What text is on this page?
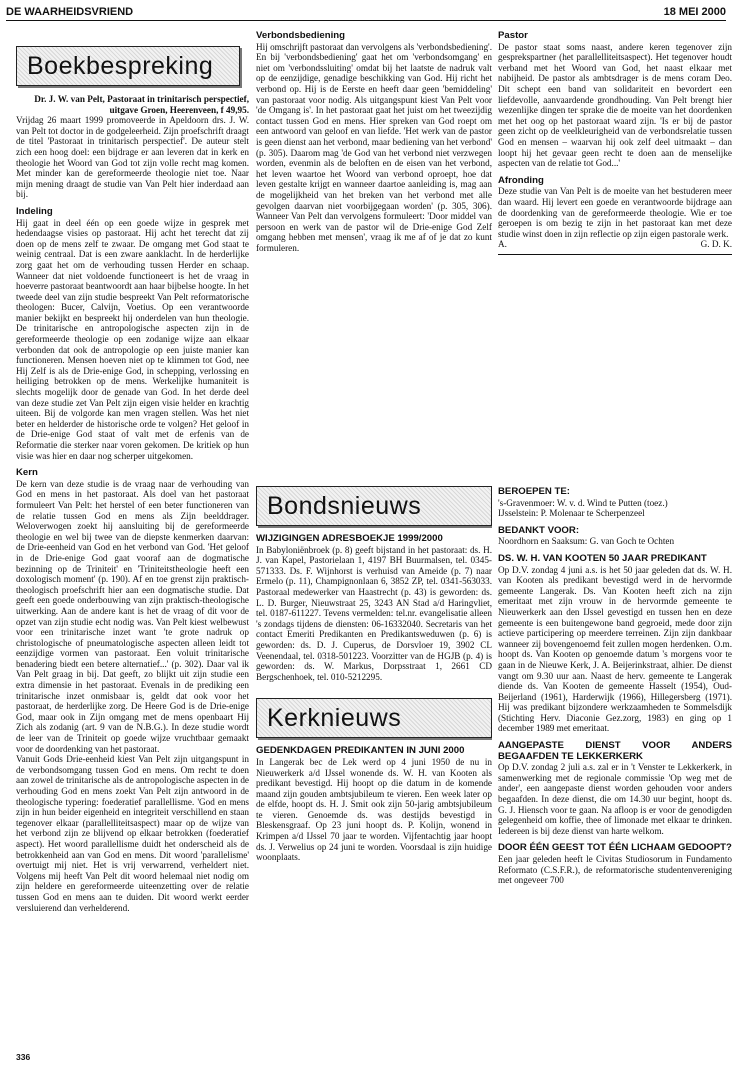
DE WAARHEIDSVRIEND	18 MEI 2000
Boekbespreking

Dr. J. W. van Pelt, Pastoraat in trinitarisch perspectief, uitgave Groen, Heerenveen, f 49,95.

Vrijdag 26 maart 1999 promoveerde in Apeldoorn drs. J. W. van Pelt tot doctor in de godgeleerheid. Zijn proefschrift draagt de titel 'Pastoraat in trinitarisch perspectief'. De auteur stelt zich een hoog doel: een bijdrage er aan leveren dat in kerk en theologie het Woord van God tot zijn volle recht mag komen. Met minder kan de gereformeerde theologie niet toe. Naar mijn mening draagt de studie van Van Pelt hier inderdaad aan bij.

Indeling

Hij gaat in deel één op een goede wijze in gesprek met hedendaagse visies op pastoraat. Hij acht het terecht dat zij doen op de mens zelf te zwaar. De omgang met God staat te weinig centraal. Dat is een zware aanklacht. In de herderlijke zorg gaat het om de verhouding tussen Herder en schaap. Wanneer dat niet voldoende functioneert is het de vraag in hoeverre pastoraat beantwoordt aan haar bijbelse hoogte. In het tweede deel van zijn studie bespreekt Van Pelt reformatorische theologen: Bucer, Calvijn, Voetius. Op een verantwoorde manier bekijkt en bespreekt hij onderdelen van hun theologie. De trinitarische en antropologische aspecten zijn in de gereformeerde theologie op een zodanige wijze aan elkaar verbonden dat ook de antropologie op een juiste manier kan functioneren. Mensen hoeven niet op te klimmen tot God, nee Hij Zelf is als de Drie-enige God, in schepping, verlossing en heiliging betrokken op de mens. Werkelijke humaniteit is slechts mogelijk door de genade van God. In het derde deel van deze studie zet Van Pelt zijn eigen visie helder en krachtig uiteen. Bij de volgorde kan men vragen stellen. Was het niet beter en helderder de historische orde te volgen? Het geloof in de Drie-enige God staat of valt met de erfenis van de Reformatie die sterker naar voren gekomen. De kritiek op hun visie was hier en daar nog scherper uitgekomen.

Kern

De kern van deze studie is de vraag naar de verhouding van God en mens in het pastoraat. Als doel van het pastoraat formuleert Van Pelt: het herstel of een beter functioneren van de relatie tussen God en mens als Zijn beelddrager. Weloverwogen zoekt hij aansluiting bij de gereformeerde theologie en wel bij twee van de diepste kenmerken daarvan: de Drie-eenheid van God en het verbond van God. 'Het geloof in de Drie-enige God gaat vooraf aan de dogmatische bezinning op de Triniteit' en 'Triniteitstheologie heeft een doxologisch moment' (p. 190). Af en toe grenst zijn praktisch-theologisch proefschrift hier aan een dogmatische studie. Dat geeft een goede onderbouwing van zijn praktisch-theologische uitwerking. Aan de andere kant is het de vraag of dit voor de opzet van zijn studie echt nodig was. Van Pelt kiest welbewust voor een trinitarische inzet want 'te grote nadruk op christologische of pneumatologische aspecten alleen leidt tot eenzijdige vormen van pastoraat. Een voluit trinitarische benadering biedt een betere alternatief...' (p. 302). Daar val ik Van Pelt graag in bij. Dat geeft, zo blijkt uit zijn studie een extra dimensie in het pastoraat. Evenals in de prediking een trinitarische inzet onmisbaar is, geldt dat ook voor het pastoraat, de herderlijke zorg. De Heere God is de Drie-enige God, maar ook in Zijn omgang met de mens openbaart Hij Zich als zodanig (art. 9 van de N.B.G.). In deze studie wordt de leer van de Triniteit op goede wijze vruchtbaar gemaakt voor de doordenking van het pastoraat.

Vanuit Gods Drie-eenheid kiest Van Pelt zijn uitgangspunt in de verbondsomgang tussen God en mens. Om recht te doen aan zowel de trinitarische als de antropologische aspecten in de verhouding God en mens zoekt Van Pelt zijn antwoord in de theologische typering: foederatief parallellisme. 'God en mens zijn in hun beider eigenheid en integriteit verschillend en staan tegenover elkaar (parallelliteitsaspect) maar op de wijze van het verbond zijn ze blijvend op elkaar betrokken (foederatief aspect). Het woord parallellisme duidt het onderscheid als de betrokkenheid aan van God en mens. Dit woord 'parallelisme' overtuigt mij niet. Het is vrij verwarrend, verheldert niet. Volgens mij heeft Van Pelt dit woord helemaal niet nodig om zijn heldere en gereformeerde uiteenzetting over de relatie tussen God en mens aan te duiden. Dit woord werkt eerder versluierend dan verhelderend.

Verbondsbediening

Hij omschrijft pastoraat dan vervolgens als 'verbondsbediening'. En bij 'verbondsbediening' gaat het om 'verbondsomgang' en niet om 'verbondssluiting' omdat bij het laatste de nadruk valt op de eenzijdige, genadige beschikking van God. Hij richt het verbond op. Hij is de Eerste en heeft daar geen 'bemiddeling' van pastoraat voor nodig. Als uitgangspunt kiest Van Pelt voor 'de Omgang is'. In het pastoraat gaat het juist om het tweezijdig contact tussen God en mens. Hier spreken van God roept om een antwoord van geloof en van liefde. 'Het werk van de pastor is geen dienst aan het verbond, maar bediening van het verbond' (p. 305). Daarom mag 'de God van het verbond niet verzwegen worden, evenmin als de beloften en de eisen van het verbond, het leven waartoe het Woord van verbond oproept, hoe dat leven gestalte krijgt en wanneer daartoe aanleiding is, mag aan de mogelijkheid van het breken van het verbond met alle gevolgen daarvan niet voorbijgegaan worden' (p. 305, 306). Wanneer Van Pelt dan vervolgens formuleert: 'Door middel van persoon en werk van de pastor wil de Drie-enige God Zelf omgang hebben met mensen', vraag ik me af of je dat zo kunt formuleren.

Pastor

De pastor staat soms naast, andere keren tegenover zijn gesprekspartner (het parallelliteitsaspect). Het tegenover houdt verband met het Woord van God, het naast elkaar met nabijheid. De pastor als ambtsdrager is de mens coram Deo. Dit schept een band van solidariteit en bevordert een liefdevolle, aanvaardende grondhouding. Van Pelt brengt hier wezenlijke dingen ter sprake die de moeite van het doordenken met het oog op het pastoraat waard zijn. 'Is er bij de pastor geen zicht op de veelkleurigheid van de verbondsrelatie tussen God en mensen – waarvan hij ook zelf deel uitmaakt – dan loopt hij het gevaar geen recht te doen aan de menselijke aspecten van de relatie tot God...'

Afronding

Deze studie van Van Pelt is de moeite van het bestuderen meer dan waard. Hij levert een goede en verantwoorde bijdrage aan de doordenking van de gereformeerde theologie. Wie er toe geroepen is om bezig te zijn in het pastoraat kan met deze studie winst doen in zijn reflectie op zijn eigen pastorale werk.

A.	G. D. K.
Bondsnieuws
WIJZIGINGEN ADRESBOEKJE 1999/2000

In Babyloniënbroek (p. 8) geeft bijstand in het pastoraat: ds. H. J. van Kapel, Pastorielaan 1, 4197 BH Buurmalsen, tel. 0345-571333. Ds. F. Wijnhorst is verhuisd van Ameide (p. 7) naar Ermelo (p. 11), Champignonlaan 6, 3852 ZP, tel. 0341-563033. Pastoraal medewerker van Haastrecht (p. 43) is geworden: ds. L. D. Burger, Nieuwstraat 25, 3243 AN Stad a/d Haringvliet, tel. 0187-611227. Tevens vermelden: tel.nr. evangelisatie alleen 's zondags tijdens de diensten: 06-16332040. Secretaris van het contact Emeriti Predikanten en Predikantsweduwen (p. 6) is geworden: ds. D. J. Cuperus, de Dorsvloer 19, 3902 CL Veenendaal, tel. 0318-501223. Voorzitter van de HGJB (p. 4) is geworden: ds. W. Markus, Dorpsstraat 1, 2661 CD Bergschenhoek, tel. 010-5212295.

Kerknieuws
GEDENKDAGEN PREDIKANTEN IN JUNI 2000

In Langerak bec de Lek werd op 4 juni 1950 de nu in Nieuwerkerk a/d IJssel wonende ds. W. H. van Kooten als predikant bevestigd. Hij hoopt op die datum in de komende maand zijn gouden ambtsjubileum te vieren. Een week later op de elfde, hoopt ds. H. J. Smit ook zijn 50-jarig ambtsjubileum te vieren. Genoemde ds. was destijds bevestigd in Bleskensgraaf. Op 23 juni hoopt ds. P. Kolijn, wonend in Krimpen a/d IJssel 70 jaar te worden. Vijfentachtig jaar hoopt ds. J. Verwelius op 24 juni te worden. Voorsdaal is zijn huidige woonplaats.

BEROEPEN TE:

's-Gravenmoer: W. v. d. Wind te Putten (toez.)

IJsselstein: P. Molenaar te Scherpenzeel

BEDANKT VOOR:

Noordhorn en Saaksum: G. van Goch te Ochten

DS. W. H. VAN KOOTEN 50 JAAR PREDIKANT

Op D.V. zondag 4 juni a.s. is het 50 jaar geleden dat ds. W. H. van Kooten als predikant bevestigd werd in de hervormde gemeente Langerak. Ds. Van Kooten heeft zich na zijn emeritaat met zijn vrouw in de hervormde gemeente te Nieuwerkerk aan den IJssel gevestigd en tussen hen en deze gemeente is een buitengewone band gegroeid, mede door zijn actieve participering op meerdere terreinen. Zijn zijn dankbaar wanneer zij bovengenoemd feit zullen mogen herdenken. O.m. hoopt ds. Van Kooten op genoemde datum 's morgens voor te gaan in de Nieuwe Kerk, J. A. Beijerinkstraat, alhier. De dienst vangt om 9.30 uur aan. Naast de herv. gemeente te Langerak diende ds. Van Kooten de gemeente Hasselt (1954), Oud-Beijerland (1961), Harderwijk (1966), Hillegersberg (1971). Hij was predikant bijzondere werkzaamheden te Sommelsdijk (Stichting Herv. Diaconie Gez.zorg, 1983) en ging op 1 december 1989 met emeritaat.

AANGEPASTE DIENST VOOR ANDERS BEGAAFDEN TE LEKKERKERK

Op D.V. zondag 2 juli a.s. zal er in 't Venster te Lekkerkerk, in samenwerking met de regionale commissie 'Op weg met de ander', een aangepaste dienst worden gehouden voor anders begaafden. In deze dienst, die om 14.30 uur begint, hoopt ds. G. J. Hiensch voor te gaan. Na afloop is er voor de genodigden gelegenheid om koffie, thee of limonade met elkaar te drinken. Iedereen is bij deze dienst van harte welkom.

DOOR ÉÉN GEEST TOT ÉÉN LICHAAM GEDOOPT?

Een jaar geleden heeft le Civitas Studiosorum in Fundamento Reformato (C.S.F.R.), de reformatorische studentenvereniging met ongeveer 700

336
